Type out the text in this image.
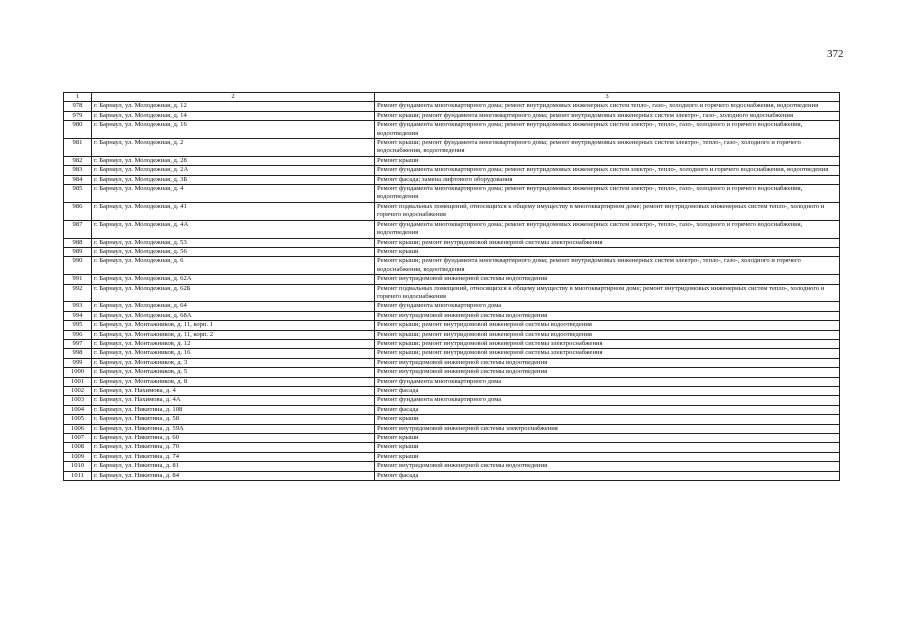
372
1	2	3
978	г. Барнаул, ул. Молодежная, д. 12	Ремонт фундамента многоквартирного дома; ремонт внутридомовых инженерных систем тепло-, газо-, холодного и горячего водоснабжения, водоотведения
979	г. Барнаул, ул. Молодежная, д. 14	Ремонт крыши; ремонт фундамента многоквартирного дома; ремонт внутридомовых инженерных систем электро-, газо-, холодного водоснабжения
980	г. Барнаул, ул. Молодежная, д. 16	Ремонт фундамента многоквартирного дома; ремонт внутридомовых инженерных систем электро-, тепло-, газо-, холодного и горячего водоснабжения, водоотведения
981	г. Барнаул, ул. Молодежная, д. 2	Ремонт крыши; ремонт фундамента многоквартирного дома; ремонт внутридомовых инженерных систем электро-, тепло-, газо-, холодного и горячего водоснабжения, водоотведения
982	г. Барнаул, ул. Молодежная, д. 28	Ремонт крыши
983	г. Барнаул, ул. Молодежная, д. 2А	Ремонт фундамента многоквартирного дома; ремонт внутридомовых инженерных систем электро-, тепло-, холодного и горячего водоснабжения, водоотведения
984	г. Барнаул, ул. Молодежная, д. 3Б	Ремонт фасада; замена лифтового оборудования
985	г. Барнаул, ул. Молодежная, д. 4	Ремонт фундамента многоквартирного дома; ремонт внутридомовых инженерных систем электро-, тепло-, газо-, холодного и горячего водоснабжения, водоотведения
986	г. Барнаул, ул. Молодежная, д. 41	Ремонт подвальных помещений, относящихся к общему имуществу в многоквартирном доме; ремонт внутридомовых инженерных систем тепло-, холодного и горячего водоснабжения
987	г. Барнаул, ул. Молодежная, д. 4А	Ремонт фундамента многоквартирного дома; ремонт внутридомовых инженерных систем электро-, тепло-, газо-, холодного и горячего водоснабжения, водоотведения
988	г. Барнаул, ул. Молодежная, д. 53	Ремонт крыши; ремонт внутридомовой инженерной системы электроснабжения
989	г. Барнаул, ул. Молодежная, д. 56	Ремонт крыши
990	г. Барнаул, ул. Молодежная, д. 6	Ремонт крыши; ремонт фундамента многоквартирного дома; ремонт внутридомовых инженерных систем электро-, тепло-, газо-, холодного и горячего водоснабжения, водоотведения
991	г. Барнаул, ул. Молодежная, д. 62А	Ремонт внутридомовой инженерной системы водоотведения
992	г. Барнаул, ул. Молодежная, д. 62Б	Ремонт подвальных помещений, относящихся к общему имуществу в многоквартирном доме; ремонт внутридомовых инженерных систем тепло-, холодного и горячего водоснабжения
993	г. Барнаул, ул. Молодежная, д. 64	Ремонт фундамента многоквартирного дома
994	г. Барнаул, ул. Молодежная, д. 68А	Ремонт внутридомовой инженерной системы водоотведения
995	г. Барнаул, ул. Монтажников, д. 11, корп. 1	Ремонт крыши; ремонт внутридомовой инженерной системы водоотведения
996	г. Барнаул, ул. Монтажников, д. 11, корп. 2	Ремонт крыши; ремонт внутридомовой инженерной системы водоотведения
997	г. Барнаул, ул. Монтажников, д. 12	Ремонт крыши; ремонт внутридомовой инженерной системы электроснабжения
998	г. Барнаул, ул. Монтажников, д. 16	Ремонт крыши; ремонт внутридомовой инженерной системы электроснабжения
999	г. Барнаул, ул. Монтажников, д. 3	Ремонт внутридомовой инженерной системы водоотведения
1000	г. Барнаул, ул. Монтажников, д. 5	Ремонт внутридомовой инженерной системы водоотведения
1001	г. Барнаул, ул. Монтажников, д. 8	Ремонт фундамента многоквартирного дома
1002	г. Барнаул, ул. Нахимова, д. 4	Ремонт фасада
1003	г. Барнаул, ул. Нахимова, д. 4А	Ремонт фундамента многоквартирного дома
1004	г. Барнаул, ул. Никитина, д. 108	Ремонт фасада
1005	г. Барнаул, ул. Никитина, д. 58	Ремонт крыши
1006	г. Барнаул, ул. Никитина, д. 59А	Ремонт внутридомовой инженерной системы электроснабжения
1007	г. Барнаул, ул. Никитина, д. 60	Ремонт крыши
1008	г. Барнаул, ул. Никитина, д. 70	Ремонт крыши
1009	г. Барнаул, ул. Никитина, д. 74	Ремонт крыши
1010	г. Барнаул, ул. Никитина, д. 81	Ремонт внутридомовой инженерной системы водоотведения
1011	г. Барнаул, ул. Никитина, д. 84	Ремонт фасада
